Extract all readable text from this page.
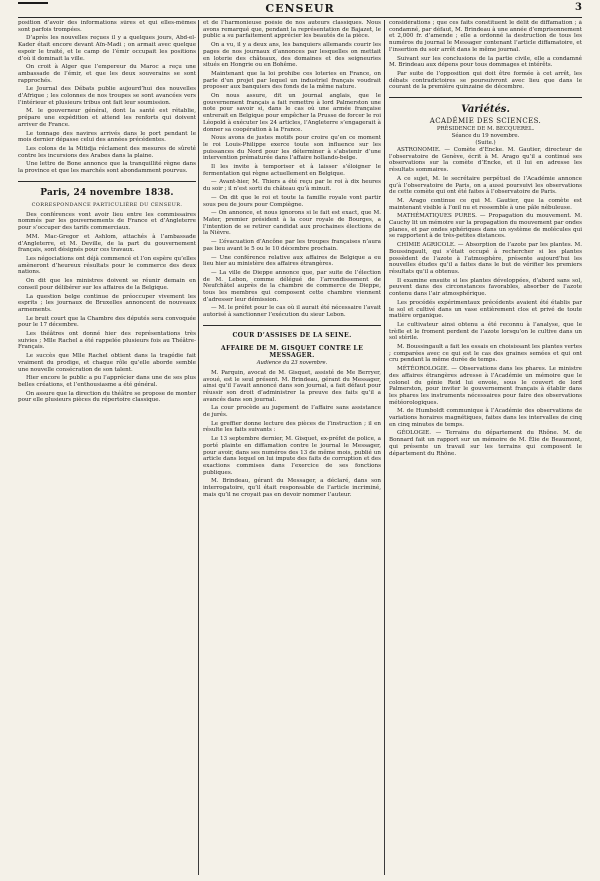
CENSEUR	3

position d’avoir des informations sûres et qui elles-mêmes sont parfois trompées.

D’après les nouvelles reçues il y a quelques jours, Abd-el-Kader était encore devant Aïn-Madi ; on armait avec quelque espoir le traité, et le camp de l’émir occupait les positions d’où il dominait la ville.

On croit à Alger que l’empereur du Maroc a reçu une ambassade de l’émir, et que les deux souverains se sont rapprochés.

Le Journal des Débats publie aujourd’hui des nouvelles d’Afrique ; les colonnes de nos troupes se sont avancées vers l’intérieur et plusieurs tribus ont fait leur soumission.

M. le gouverneur général, dont la santé est rétablie, prépare une expédition et attend les renforts qui doivent arriver de France.

Le tonnage des navires arrivés dans le port pendant le mois dernier dépasse celui des années précédentes.

Les colons de la Mitidja réclament des mesures de sûreté contre les incursions des Arabes dans la plaine.

Une lettre de Bone annonce que la tranquillité règne dans la province et que les marchés sont abondamment pourvus.

Paris, 24 novembre 1838.
CORRESPONDANCE PARTICULIÈRE DU CENSEUR.

Des conférences vont avoir lieu entre les commissaires nommés par les gouvernements de France et d’Angleterre pour s’occuper des tarifs commerciaux.

MM. Mac-Gregor et Ashlom, attachés à l’ambassade d’Angleterre, et M. Deville, de la part du gouvernement français, sont désignés pour ces travaux.

Les négociations ont déjà commencé et l’on espère qu’elles amèneront d’heureux résultats pour le commerce des deux nations.

On dit que les ministres doivent se réunir demain en conseil pour délibérer sur les affaires de la Belgique.

La question belge continue de préoccuper vivement les esprits ; les journaux de Bruxelles annoncent de nouveaux armements.

Le bruit court que la Chambre des députés sera convoquée pour le 17 décembre.

Les théâtres ont donné hier des représentations très suivies ; Mlle Rachel a été rappelée plusieurs fois au Théâtre-Français.

Le succès que Mlle Rachel obtient dans la tragédie fait vraiment du prodige, et chaque rôle qu’elle aborde semble une nouvelle consécration de son talent.

Hier encore le public a pu l’apprécier dans une de ses plus belles créations, et l’enthousiasme a été général.

On assure que la direction du théâtre se propose de monter pour elle plusieurs pièces du répertoire classique.

et de l’harmonieuse poésie de nos auteurs classiques. Nous avons remarqué que, pendant la représentation de Bajazet, le public a su parfaitement apprécier les beautés de la pièce.

On a vu, il y a deux ans, les banquiers allemands courir les pages de nos journaux d’annonces par lesquelles on mettait en loterie des châteaux, des domaines et des seigneuries situés en Hongrie ou en Bohême.

Maintenant que la loi prohibe ces loteries en France, on parle d’un projet par lequel un industriel français voudrait proposer aux banquiers des fonds de la même nature.

On nous assure, dit un journal anglais, que le gouvernement français a fait remettre à lord Palmerston une note pour savoir si, dans le cas où une armée française entrerait en Belgique pour empêcher la Prusse de forcer le roi Léopold à exécuter les 24 articles, l’Angleterre s’engagerait à donner sa coopération à la France.

Nous avons de justes motifs pour croire qu’en ce moment le roi Louis-Philippe exerce toute son influence sur les puissances du Nord pour les déterminer à s’abstenir d’une intervention prématurée dans l’affaire hollando-belge.

Il les invite à temporiser et à laisser s’éloigner le fermentation qui règne actuellement en Belgique.

— Avant-hier, M. Thiers a été reçu par le roi à dix heures du soir ; il n’est sorti du château qu’à minuit.

— On dit que le roi et toute la famille royale vont partir sous peu de jours pour Compiègne.

— On annonce, et nous ignorons si le fait est exact, que M. Mater, premier président à la cour royale de Bourges, a l’intention de se retirer candidat aux prochaines élections de la Nièvre.

— L’évacuation d’Ancône par les troupes françaises n’aura pas lieu avant le 5 ou le 10 décembre prochain.

— Une conférence relative aux affaires de Belgique a eu lieu hier au ministère des affaires étrangères.

— La ville de Dieppe annonce que, par suite de l’élection de M. Lebon, comme délégué de l’arrondissement de Neufchâtel auprès de la chambre de commerce de Dieppe, tous les membres qui composent cette chambre viennent d’adresser leur démission.

— M. le préfet pour le cas où il aurait été nécessaire l’avait autorisé à sanctionner l’exécution du sieur Lebon.

COUR D’ASSISES DE LA SEINE.
AFFAIRE DE M. GISQUET CONTRE LE MESSAGER.
Audience du 23 novembre.

M. Parquin, avocat de M. Gisquet, assisté de Me Berryer, avoué, est le seul présent. M. Brindeau, gérant du Messager, ainsi qu’il l’avait annoncé dans son journal, a fait défaut pour réussir son droit d’administrer la preuve des faits qu’il a avancés dans son journal.

La cour procède au jugement de l’affaire sans assistance de jurés.

Le greffier donne lecture des pièces de l’instruction ; il en résulte les faits suivants :

Le 13 septembre dernier, M. Gisquet, ex-préfet de police, a porté plainte en diffamation contre le journal le Messager, pour avoir, dans ses numéros des 13 de même mois, publié un article dans lequel on lui impute des faits de corruption et des exactions commises dans l’exercice de ses fonctions publiques.

M. Brindeau, gérant du Messager, a déclaré, dans son interrogatoire, qu’il était responsable de l’article incriminé, mais qu’il ne croyait pas en devoir nommer l’auteur.

considérations ; que ces faits constituent le délit de diffamation ; à condamné, par défaut, M. Brindeau à une année d’emprisonnement et 2,000 fr. d’amende ; elle a ordonné la destruction de tous les numéros du journal le Messager contenant l’article diffamatoire, et l’insertion du soir arrêt dans le même journal.

Suivant sur les conclusions de la partie civile, elle a condamné M. Brindeau aux dépens pour tous dommages et intérêts.

Par suite de l’opposition qui doit être formée à cet arrêt, les débats contradictoires se poursuivront avec lieu que dans le courant de la première quinzaine de décembre.

Variétés.
ACADÉMIE DES SCIENCES.
PRÉSIDENCE DE M. BECQUEREL.
Séance du 19 novembre.
(Suite.)

ASTRONOMIE. — Comète d’Encke. M. Gautier, directeur de l’observatoire de Genève, écrit à M. Arago qu’il a continué ses observations sur la comète d’Encke, et il lui en adresse les résultats sommaires.

A ce sujet, M. le secrétaire perpétuel de l’Académie annonce qu’à l’observatoire de Paris, on a aussi poursuivi les observations de cette comète qui ont été faites à l’observatoire de Paris.

M. Arago continue ce qui M. Gautier, que la comète est maintenant visible à l’œil nu et ressemble à une pâle nébuleuse.

MATHÉMATIQUES PURES. — Propagation du mouvement. M. Cauchy lit un mémoire sur la propagation du mouvement par ondes planes, et par ondes sphériques dans un système de molécules qui se rapportent à de très-petites distances.

CHIMIE AGRICOLE. — Absorption de l’azote par les plantes. M. Boussingault, qui s’était occupé à rechercher si les plantes possèdent de l’azote à l’atmosphère, présente aujourd’hui les nouvelles études qu’il a faites dans le but de vérifier les premiers résultats qu’il a obtenus.

Il examine ensuite si les plantes développées, d’abord sans sol, peuvent dans des circonstances favorables, absorber de l’azote contenu dans l’air atmosphérique.

Les procédés expérimentaux précédents avaient été établis par le sol et cultivé dans un vase entièrement clos et privé de toute matière organique.

Le cultivateur ainsi obtenu a été reconnu à l’analyse, que le trèfle et le froment perdent de l’azote lorsqu’on le cultive dans un sol stérile.

M. Boussingault a fait les essais en choisissant les plantes vertes ; comparées avec ce qui est le cas des graines semées et qui ont cru pendant la même durée de temps.

MÉTÉOROLOGIE. — Observations dans les phares. Le ministre des affaires étrangères adresse à l’Académie un mémoire que le colonel du génie Reid lui envoie, sous le couvert de lord Palmerston, pour inviter le gouvernement français à établir dans les phares les instruments nécessaires pour faire des observations météorologiques.

M. de Humboldt communique à l’Académie des observations de variations horaires magnétiques, faites dans les intervalles de cinq en cinq minutes de temps.

GÉOLOGIE. — Terrains du département du Rhône. M. de Bonnard fait un rapport sur un mémoire de M. Élie de Beaumont, qui présente un travail sur les terrains qui composent le département du Rhône.
